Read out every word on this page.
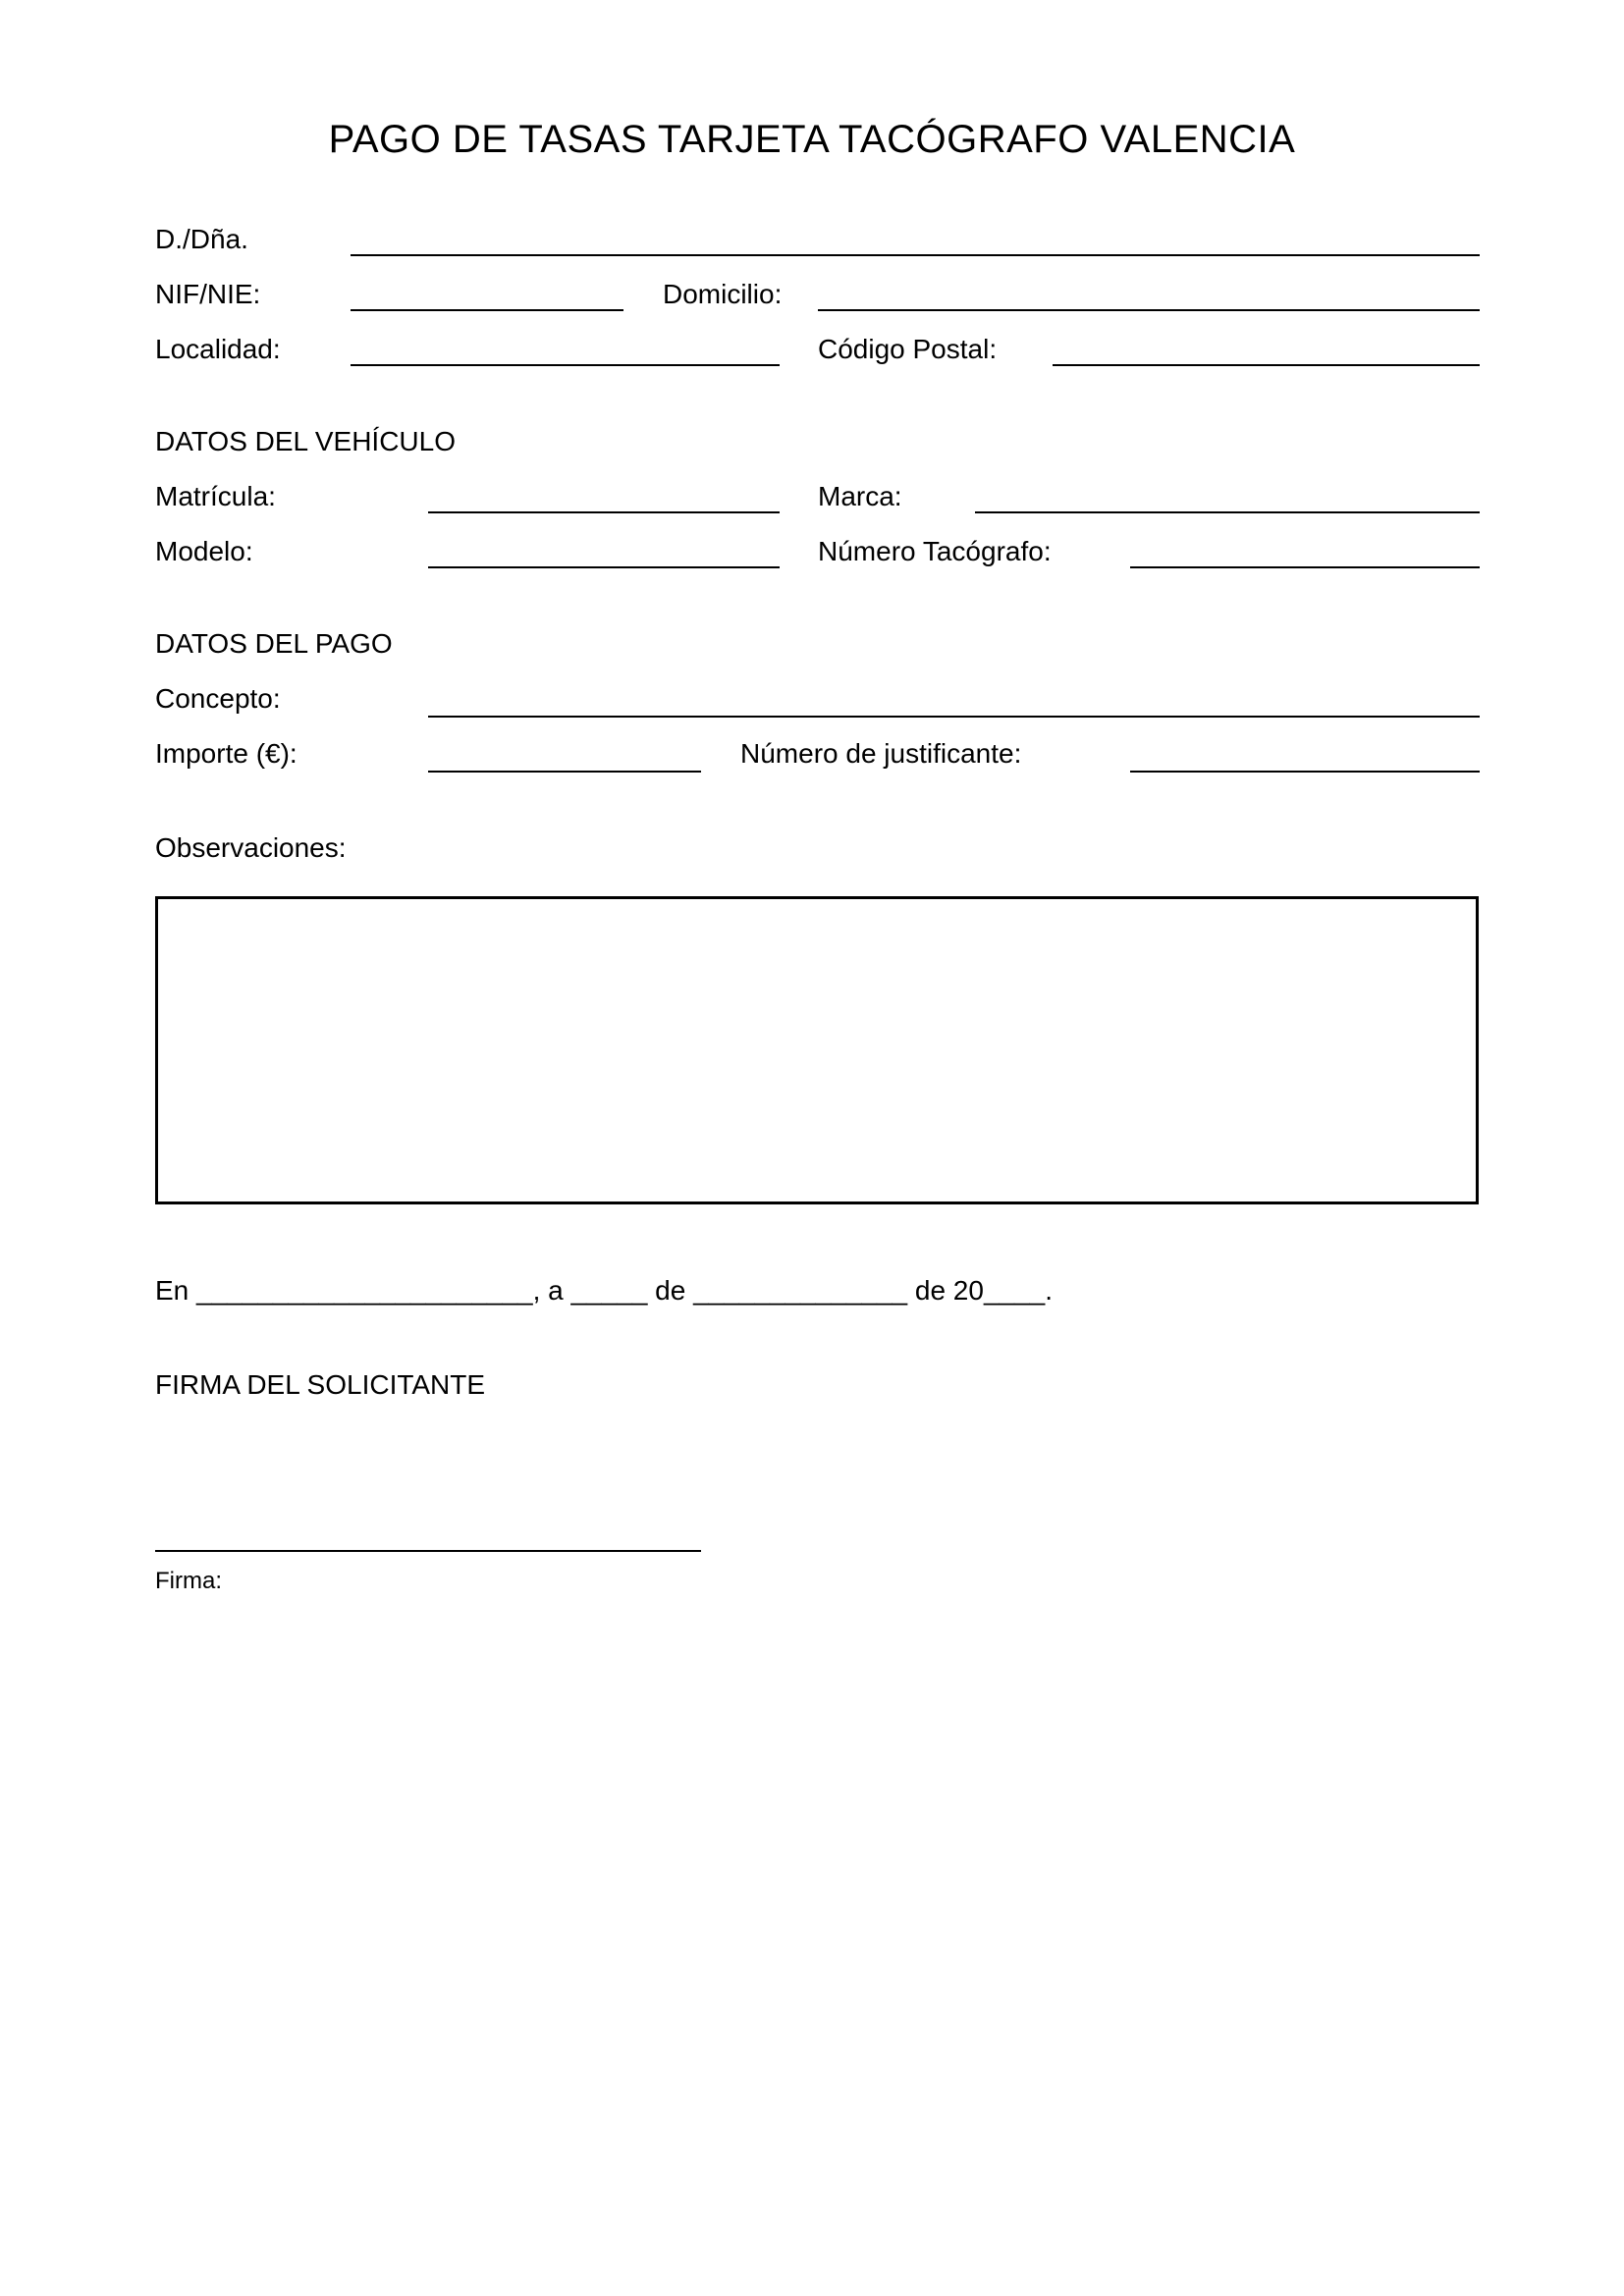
PAGO DE TASAS TARJETA TACÓGRAFO VALENCIA
D./Dña.
NIF/NIE:	Domicilio:
Localidad:	Código Postal:
DATOS DEL VEHÍCULO
Matrícula:	Marca:
Modelo:	Número Tacógrafo:
DATOS DEL PAGO
Concepto:
Importe (€):	Número de justificante:
Observaciones:
En ______________________, a _____ de ______________ de 20____.
FIRMA DEL SOLICITANTE
Firma:
